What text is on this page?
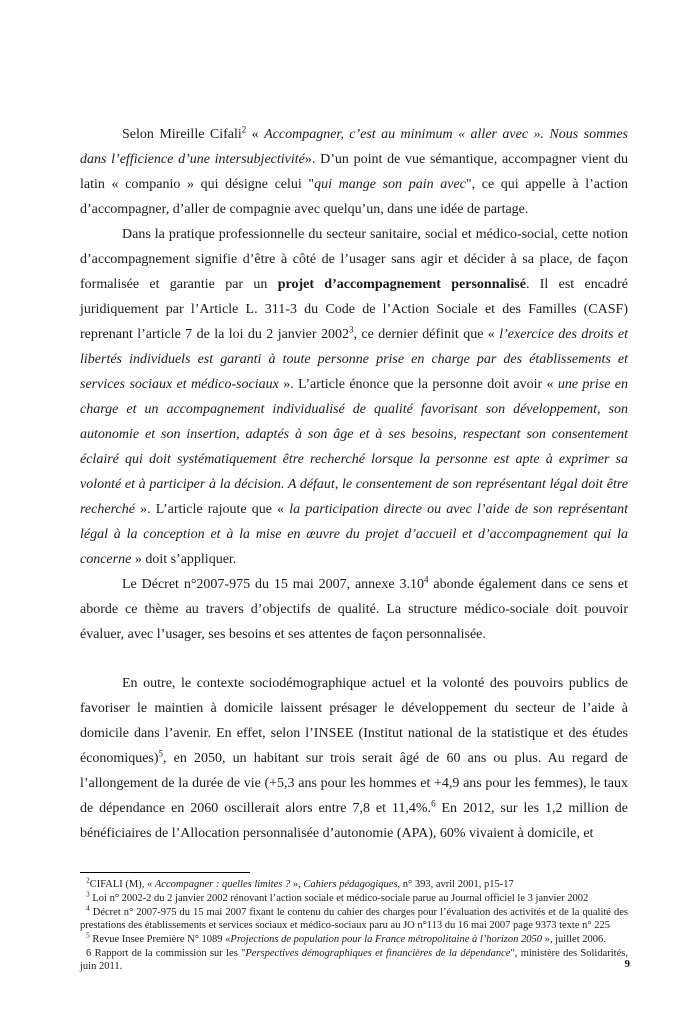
Selon Mireille Cifali$^2$ « Accompagner, c’est au minimum « aller avec ». Nous sommes dans l’efficience d’une intersubjectivité». D’un point de vue sémantique, accompagner vient du latin « companio » qui désigne celui "qui mange son pain avec", ce qui appelle à l’action d’accompagner, d’aller de compagnie avec quelqu’un, dans une idée de partage.

Dans la pratique professionnelle du secteur sanitaire, social et médico-social, cette notion d’accompagnement signifie d’être à côté de l’usager sans agir et décider à sa place, de façon formalisée et garantie par un projet d’accompagnement personnalisé. Il est encadré juridiquement par l’Article L. 311-3 du Code de l’Action Sociale et des Familles (CASF) reprenant l’article 7 de la loi du 2 janvier 2002$^3$, ce dernier définit que « l’exercice des droits et libertés individuels est garanti à toute personne prise en charge par des établissements et services sociaux et médico-sociaux ». L’article énonce que la personne doit avoir « une prise en charge et un accompagnement individualisé de qualité favorisant son développement, son autonomie et son insertion, adaptés à son âge et à ses besoins, respectant son consentement éclairé qui doit systématiquement être recherché lorsque la personne est apte à exprimer sa volonté et à participer à la décision. A défaut, le consentement de son représentant légal doit être recherché ». L’article rajoute que « la participation directe ou avec l’aide de son représentant légal à la conception et à la mise en œuvre du projet d’accueil et d’accompagnement qui la concerne » doit s’appliquer.

Le Décret n°2007-975 du 15 mai 2007, annexe 3.10$^4$ abonde également dans ce sens et aborde ce thème au travers d’objectifs de qualité. La structure médico-sociale doit pouvoir évaluer, avec l’usager, ses besoins et ses attentes de façon personnalisée.

En outre, le contexte sociodémographique actuel et la volonté des pouvoirs publics de favoriser le maintien à domicile laissent présager le développement du secteur de l’aide à domicile dans l’avenir. En effet, selon l’INSEE (Institut national de la statistique et des études économiques)$^5$, en 2050, un habitant sur trois serait âgé de 60 ans ou plus. Au regard de l’allongement de la durée de vie (+5,3 ans pour les hommes et +4,9 ans pour les femmes), le taux de dépendance en 2060 oscillerait alors entre 7,8 et 11,4%.$^6$ En 2012, sur les 1,2 million de bénéficiaires de l’Allocation personnalisée d’autonomie (APA), 60% vivaient à domicile, et

$^2$CIFALI (M), « Accompagner : quelles limites ? », Cahiers pédagogiques, n° 393, avril 2001, p15-17
$^3$ Loi n° 2002-2 du 2 janvier 2002 rénovant l’action sociale et médico-sociale parue au Journal officiel le 3 janvier 2002
$^4$ Décret n° 2007-975 du 15 mai 2007 fixant le contenu du cahier des charges pour l’évaluation des activités et de la qualité des prestations des établissements et services sociaux et médico-sociaux paru au JO n°113 du 16 mai 2007 page 9373 texte n° 225
$^5$ Revue Insee Première N° 1089 «Projections de population pour la France métropolitaine à l’horizon 2050 », juillet 2006.
6 Rapport de la commission sur les "Perspectives démographiques et financières de la dépendance", ministère des Solidarités, juin 2011.	9
